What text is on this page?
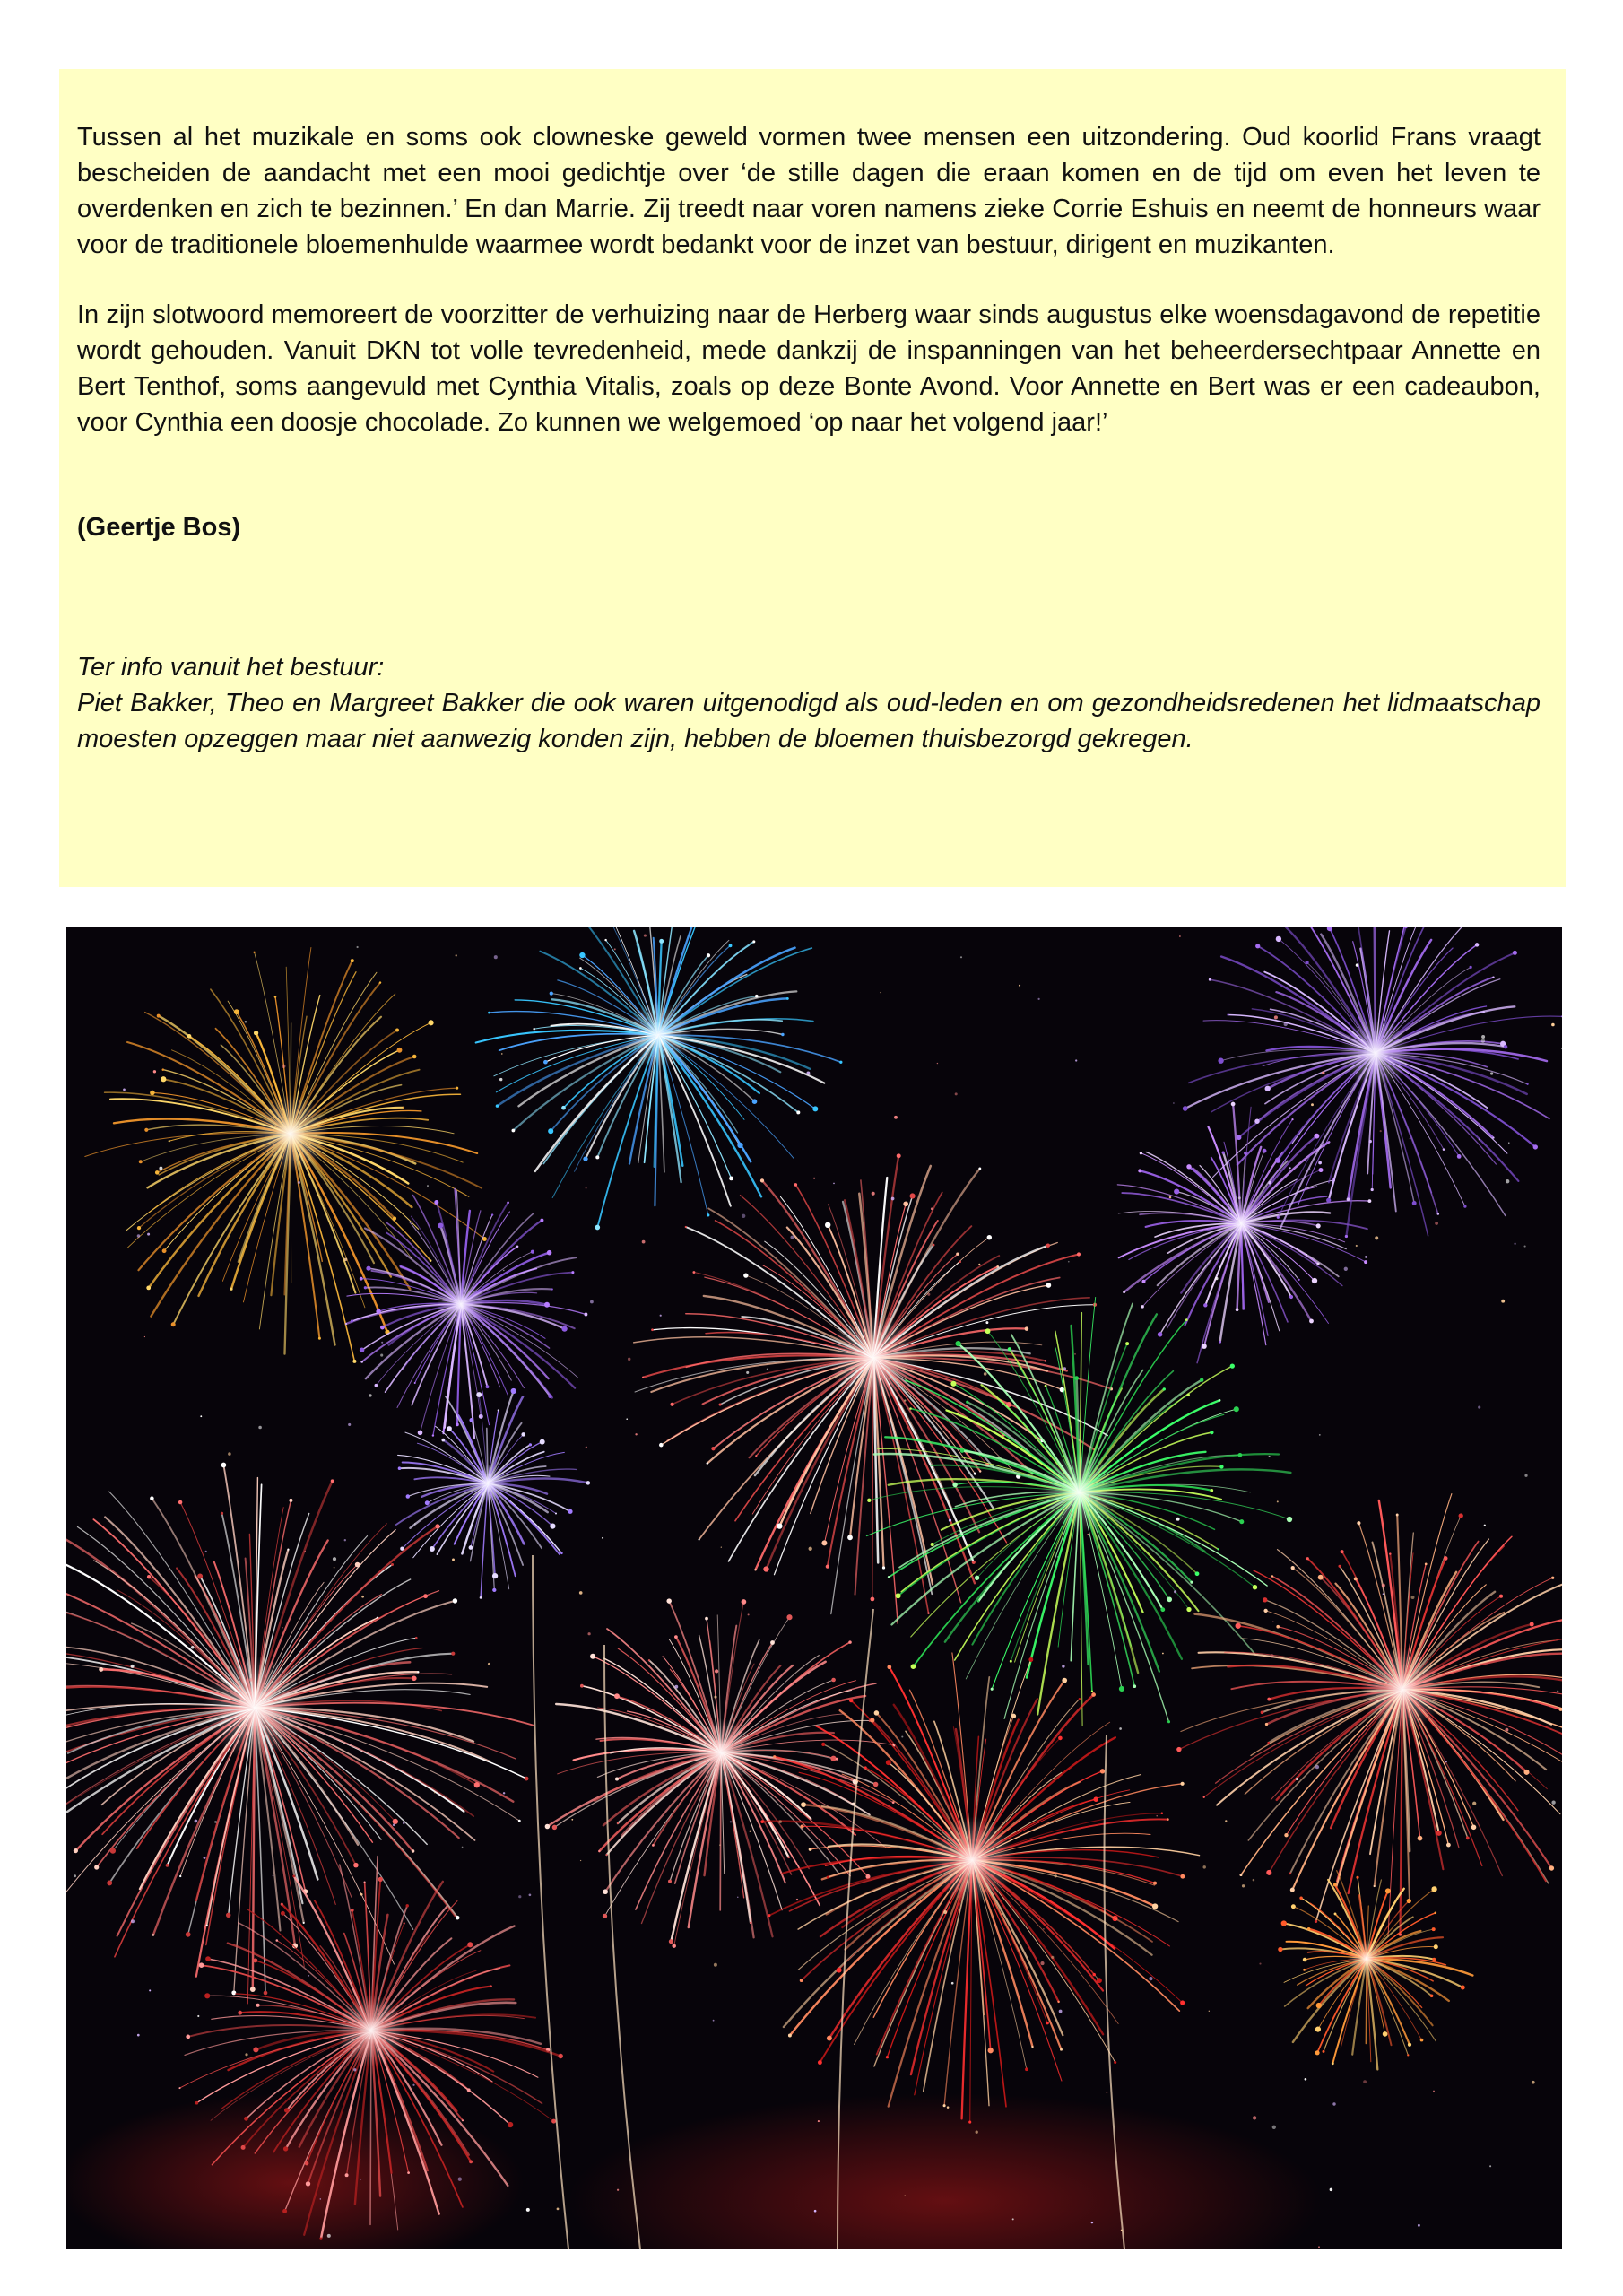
Tussen al het muzikale en soms ook clowneske geweld vormen twee mensen een uitzondering. Oud koorlid Frans vraagt bescheiden de aandacht met een mooi gedichtje over ‘de stille dagen die eraan komen en de tijd om even het leven te overdenken en zich te bezinnen.’ En dan Marrie. Zij treedt naar voren namens zieke Corrie Eshuis en neemt de honneurs waar voor de traditionele bloemenhulde waarmee wordt bedankt voor de inzet van bestuur, dirigent en muzikanten.

In zijn slotwoord memoreert de voorzitter de verhuizing naar de Herberg waar sinds augustus elke woensdagavond de repetitie wordt gehouden. Vanuit DKN tot volle tevredenheid, mede dankzij de inspanningen van het beheerdersechtpaar Annette en Bert Tenthof, soms aangevuld met Cynthia Vitalis, zoals op deze Bonte Avond. Voor Annette en Bert was er een cadeaubon, voor Cynthia een doosje chocolade. Zo kunnen we welgemoed ‘op naar het volgend jaar!’

(Geertje Bos)

Ter info vanuit het bestuur:

Piet Bakker, Theo en Margreet Bakker die ook waren uitgenodigd als oud-leden en om gezondheidsredenen het lidmaatschap moesten opzeggen maar niet aanwezig konden zijn, hebben de bloemen thuisbezorgd gekregen.
